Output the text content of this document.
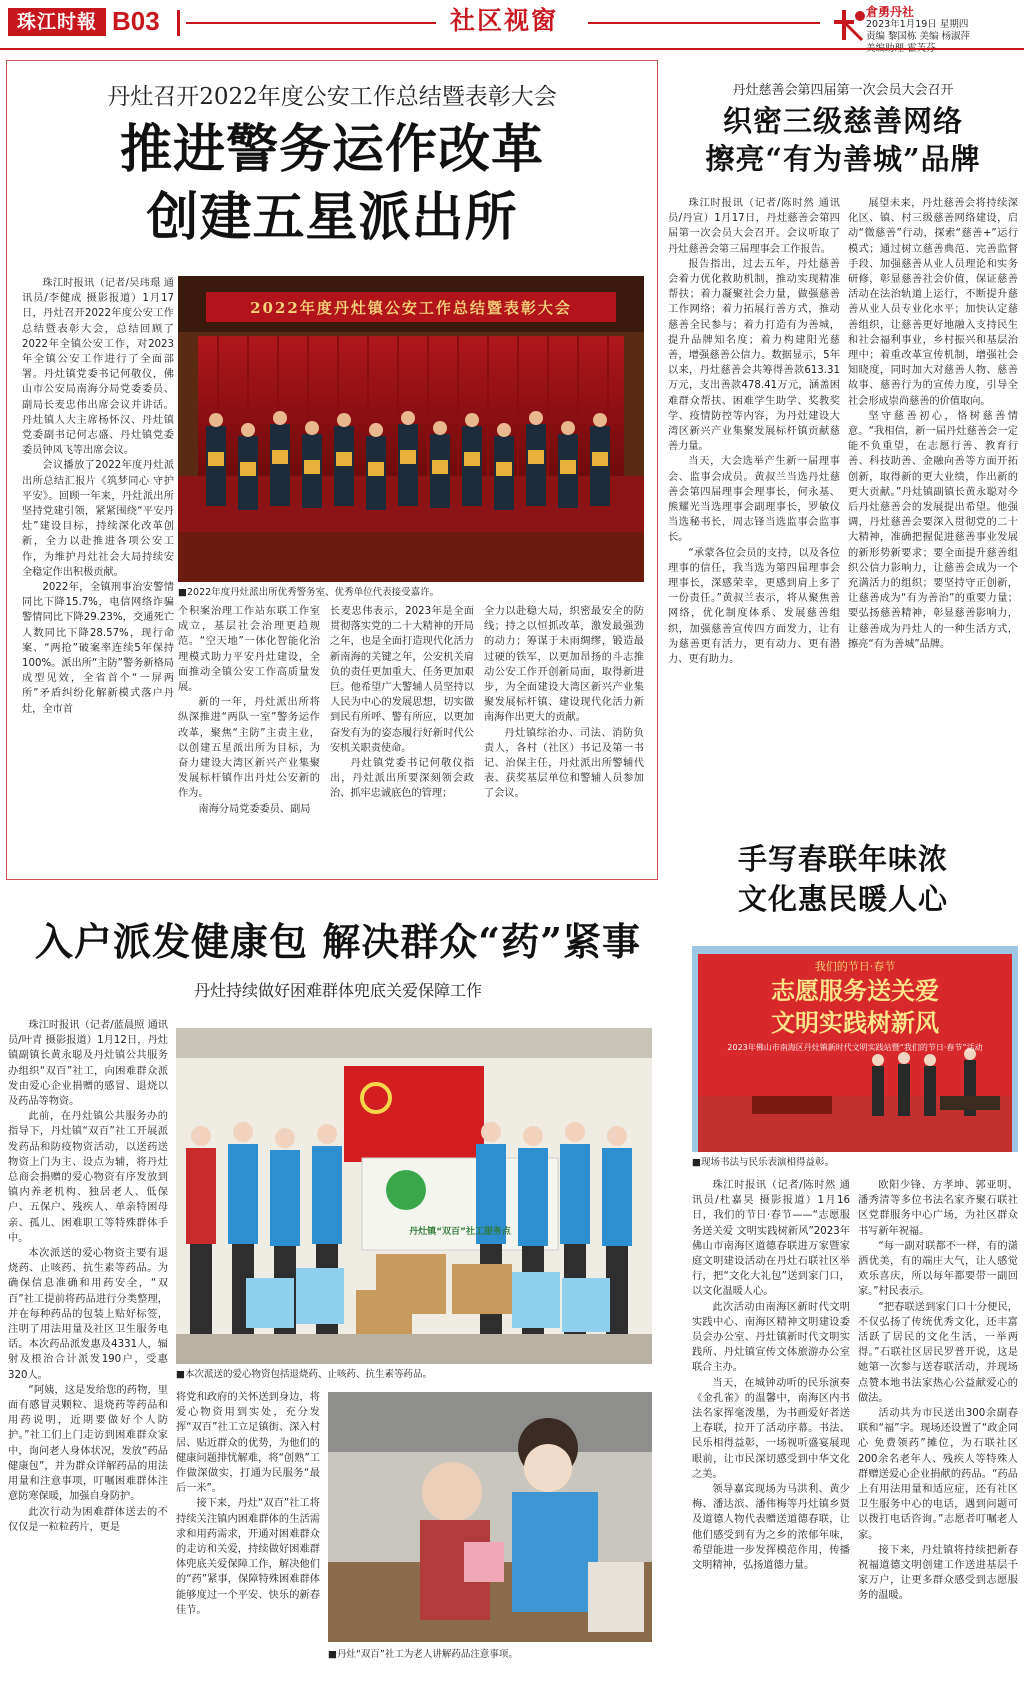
珠江时報 B03	社区视窗	倉勇丹社
2023年1月19日 星期四
责编 黎国栋 美编 杨淑萍
丹灶召开2022年度公安工作总结暨表彰大会
推进警务运作改革
创建五星派出所

珠江时报讯（记者/吴玮璟 通讯员/李健成 摄影报道）1月17日，丹灶召开2022年度公安工作总结暨表彰大会，总结回顾了2022年全镇公安工作，对2023年全镇公安工作进行了全面部署。丹灶镇党委书记何敬仪，佛山市公安局南海分局党委委员、副局长麦忠伟出席会议并讲话。丹灶镇人大主席杨怀汉、丹灶镇党委副书记何志盛、丹灶镇党委委员钟凤飞等出席会议。

会议播放了2022年度丹灶派出所总结汇报片《筑梦同心 守护平安》。回顾一年来，丹灶派出所坚持党建引领，紧紧围绕“平安丹灶”建设目标，持续深化改革创新，全力以赴推进各项公安工作，为维护丹灶社会大局持续安全稳定作出积极贡献。

2022年，全镇刑事治安警情同比下降15.7%，电信网络诈骗警情同比下降29.23%，交通死亡人数同比下降28.57%，现行命案、“两抢”破案率连续5年保持100%。派出所“主防”警务新格局成型见效，全省首个“一屏两所”矛盾纠纷化解新模式落户丹灶，全市首

2022年度丹灶镇公安工作总结暨表彰大会
■2022年度丹灶派出所优秀警务室、优秀单位代表接受嘉许。

个积案治理工作站东联工作室成立，基层社会治理更趋规范。“空天地”一体化智能化治理模式助力平安丹灶建设，全面推动全镇公安工作高质量发展。

新的一年，丹灶派出所将纵深推进“两队一室”警务运作改革，聚焦“主防”主责主业，以创建五星派出所为目标，为奋力建设大湾区新兴产业集聚发展标杆镇作出丹灶公安新的作为。

南海分局党委委员、副局

长麦忠伟表示，2023年是全面贯彻落实党的二十大精神的开局之年，也是全面打造现代化活力新南海的关键之年，公安机关肩负的责任更加重大、任务更加艰巨。他希望广大警辅人员坚持以人民为中心的发展思想，切实做到民有所呼、警有所应，以更加奋发有为的姿态履行好新时代公安机关职责使命。

丹灶镇党委书记何敬仪指出，丹灶派出所要深刻领会政治、抓牢忠诚底色的管理；

全力以赴稳大局，织密最安全的防线；持之以恒抓改革，激发最强劲的动力；筹谋于未雨绸缪，锻造最过硬的铁军，以更加昂扬的斗志推动公安工作开创新局面，取得新进步，为全面建设大湾区新兴产业集聚发展标杆镇、建设现代化活力新南海作出更大的贡献。

丹灶镇综治办、司法、消防负责人，各村（社区）书记及第一书记、治保主任，丹灶派出所警辅代表、获奖基层单位和警辅人员参加了会议。

丹灶慈善会第四届第一次会员大会召开
织密三级慈善网络
擦亮“有为善城”品牌

珠江时报讯（记者/陈时然 通讯员/丹宣）1月17日，丹灶慈善会第四届第一次会员大会召开。会议听取了丹灶慈善会第三届理事会工作报告。

报告指出，过去五年，丹灶慈善会着力优化救助机制，推动实现精准帮扶；着力凝聚社会力量，做强慈善工作网络；着力拓展行善方式，推动慈善全民参与；着力打造有为善城，提升品牌知名度；着力构建阳光慈善，增强慈善公信力。数据显示，5年以来，丹灶慈善会共筹得善款613.31万元，支出善款478.41万元，涵盖困难群众帮扶、困难学生助学、奖教奖学、疫情防控等内容，为丹灶建设大湾区新兴产业集聚发展标杆镇贡献慈善力量。

当天，大会选举产生新一届理事会、监事会成员。黄叔兰当选丹灶慈善会第四届理事会理事长，何永基、熊耀光当选理事会副理事长，罗敏仪当选秘书长，周志锋当选监事会监事长。

“承蒙各位会员的支持，以及各位理事的信任，我当选为第四届理事会理事长，深感荣幸，更感到肩上多了一份责任。”黄叔兰表示，将从聚焦善网络，优化制度体系、发展慈善组织，加强慈善宣传四方面发力，让有为慈善更有活力，更有动力、更有潜力、更有助力。

展望未来，丹灶慈善会将持续深化区、镇、村三级慈善网络建设，启动“微慈善”行动，探索“慈善+”运行模式；通过树立慈善典范、完善监督手段、加强慈善从业人员理论和实务研修，彰显慈善社会价值，保证慈善活动在法治轨道上运行，不断提升慈善从业人员专业化水平；加快认定慈善组织，让慈善更好地融入支持民生和社会福利事业，乡村振兴和基层治理中；着重改革宣传机制，增强社会知晓度，同时加大对慈善人物、慈善故事、慈善行为的宣传力度，引导全社会形成崇尚慈善的价值取向。

坚守慈善初心，恪树慈善情意。“我相信，新一届丹灶慈善会一定能不负重望，在志愿行善、教育行善、科技助善、金融向善等方面开拓创新，取得新的更大业绩，作出新的更大贡献。”丹灶镇副镇长黄永聪对今后丹灶慈善会的发展提出希望。他强调，丹灶慈善会要深入贯彻党的二十大精神，准确把握促进慈善事业发展的新形势新要求；要全面提升慈善组织公信力影响力，让慈善会成为一个充满活力的组织；要坚持守正创新，让慈善成为“有为善治”的重要力量；要弘扬慈善精神，彰显慈善影响力，让慈善成为丹灶人的一种生活方式，擦亮“有为善城”品牌。

手写春联年味浓
文化惠民暖人心
我们的节日·春节
志愿服务送关爱
文明实践树新风
2023年佛山市南海区丹灶镇新时代文明实践站暨“我们的节日·春节”活动
■现场书法与民乐表演相得益彰。

珠江时报讯（记者/陈时然 通讯员/杜嘉昊 摄影报道）1月16日，我们的节日·春节——“志愿服务送关爱 文明实践树新风”2023年佛山市南海区道德春联进万家暨家庭文明建设活动在丹灶石联社区举行，把“文化大礼包”送到家门口，以文化温暖人心。

此次活动由南海区新时代文明实践中心、南海区精神文明建设委员会办公室、丹灶镇新时代文明实践所、丹灶镇宣传文体旅游办公室联合主办。

当天，在城钟动听的民乐演奏《金孔雀》的温馨中，南海区内书法名家挥毫泼墨，为书画爱好者送上春联，拉开了活动序幕。书法、民乐相得益彰，一场视听盛宴展现眼前，让市民深切感受到中华文化之美。

领导嘉宾现场为马洪利、黄少梅、潘达滨、潘伟梅等丹灶镇乡贤及道德人物代表赠送道德春联，让他们感受到有为之乡的浓郁年味，希望能进一步发挥模范作用，传播文明精神，弘扬道德力量。

欧阳少锋、方孝坤、郭亚明、潘秀清等多位书法名家齐聚石联社区党群服务中心广场，为社区群众书写新年祝福。

“每一副对联都不一样，有的潇洒优美，有的端庄大气，让人感觉欢乐喜庆，所以每年都要带一副回家。”村民表示。

“把春联送到家门口十分便民，不仅弘扬了传统优秀文化，还丰富活跃了居民的文化生活，一举两得。”石联社区居民罗普开说，这是她第一次参与送春联活动，并现场点赞本地书法家热心公益献爱心的做法。

活动共为市民送出300余副春联和“福”字。现场还设置了“政企同心 免费领药”摊位，为石联社区200余名老年人、残疾人等特殊人群赠送爱心企业捐献的药品。“药品上有用法用量和适应症，还有社区卫生服务中心的电话，遇到问题可以拨打电话咨询。”志愿者叮嘱老人家。

接下来，丹灶镇将持续把新春祝福道德文明创建工作送进基层千家万户，让更多群众感受到志愿服务的温暖。

入户派发健康包 解决群众“药”紧事
丹灶持续做好困难群体兜底关爱保障工作

珠江时报讯（记者/蓝晨照 通讯员/叶青 摄影报道）1月12日，丹灶镇副镇长黄永聪及丹灶镇公共服务办组织“双百”社工，向困难群众派发由爱心企业捐赠的感冒、退烧以及药品等物资。

此前，在丹灶镇公共服务办的指导下，丹灶镇“双百”社工开展派发药品和防疫物资活动，以送药送物资上门为主、设点为辅，将丹灶总商会捐赠的爱心物资有序发放到镇内养老机构、独居老人、低保户、五保户、残疾人、单亲特困母亲、孤儿、困难职工等特殊群体手中。

本次派送的爱心物资主要有退烧药、止咳药、抗生素等药品。为确保信息准确和用药安全，“双百”社工提前将药品进行分类整理，并在每种药品的包装上贴好标签，注明了用法用量及社区卫生服务电话。本次药品派发惠及4331人，辐射及根治合计派发190户，受惠320人。

“阿姨，这是发给您的药物，里面有感冒灵颗粒、退烧药等药品和用药说明，近期要做好个人防护。”社工们上门走访到困难群众家中，询问老人身体状况，发放“药品健康包”，并为群众详解药品的用法用量和注意事项，叮嘱困难群体注意防寒保暖，加强自身防护。

此次行动为困难群体送去的不仅仅是一粒粒药片，更是

丹灶镇“双百”社工服务点
■本次派送的爱心物资包括退烧药、止咳药、抗生素等药品。

将党和政府的关怀送到身边，将爱心物资用到实处，充分发挥“双百”社工立足镇街、深入村居、贴近群众的优势，为他们的健康问题排忧解难，将“创熟”工作做深做实，打通为民服务“最后一米”。

接下来，丹灶“双百”社工将持续关注镇内困难群体的生活需求和用药需求，开通对困难群众的走访和关爱，持续做好困难群体兜底关爱保障工作，解决他们的“药”紧事，保障特殊困难群体能够度过一个平安、快乐的新春佳节。

■丹灶“双百”社工为老人讲解药品注意事项。
